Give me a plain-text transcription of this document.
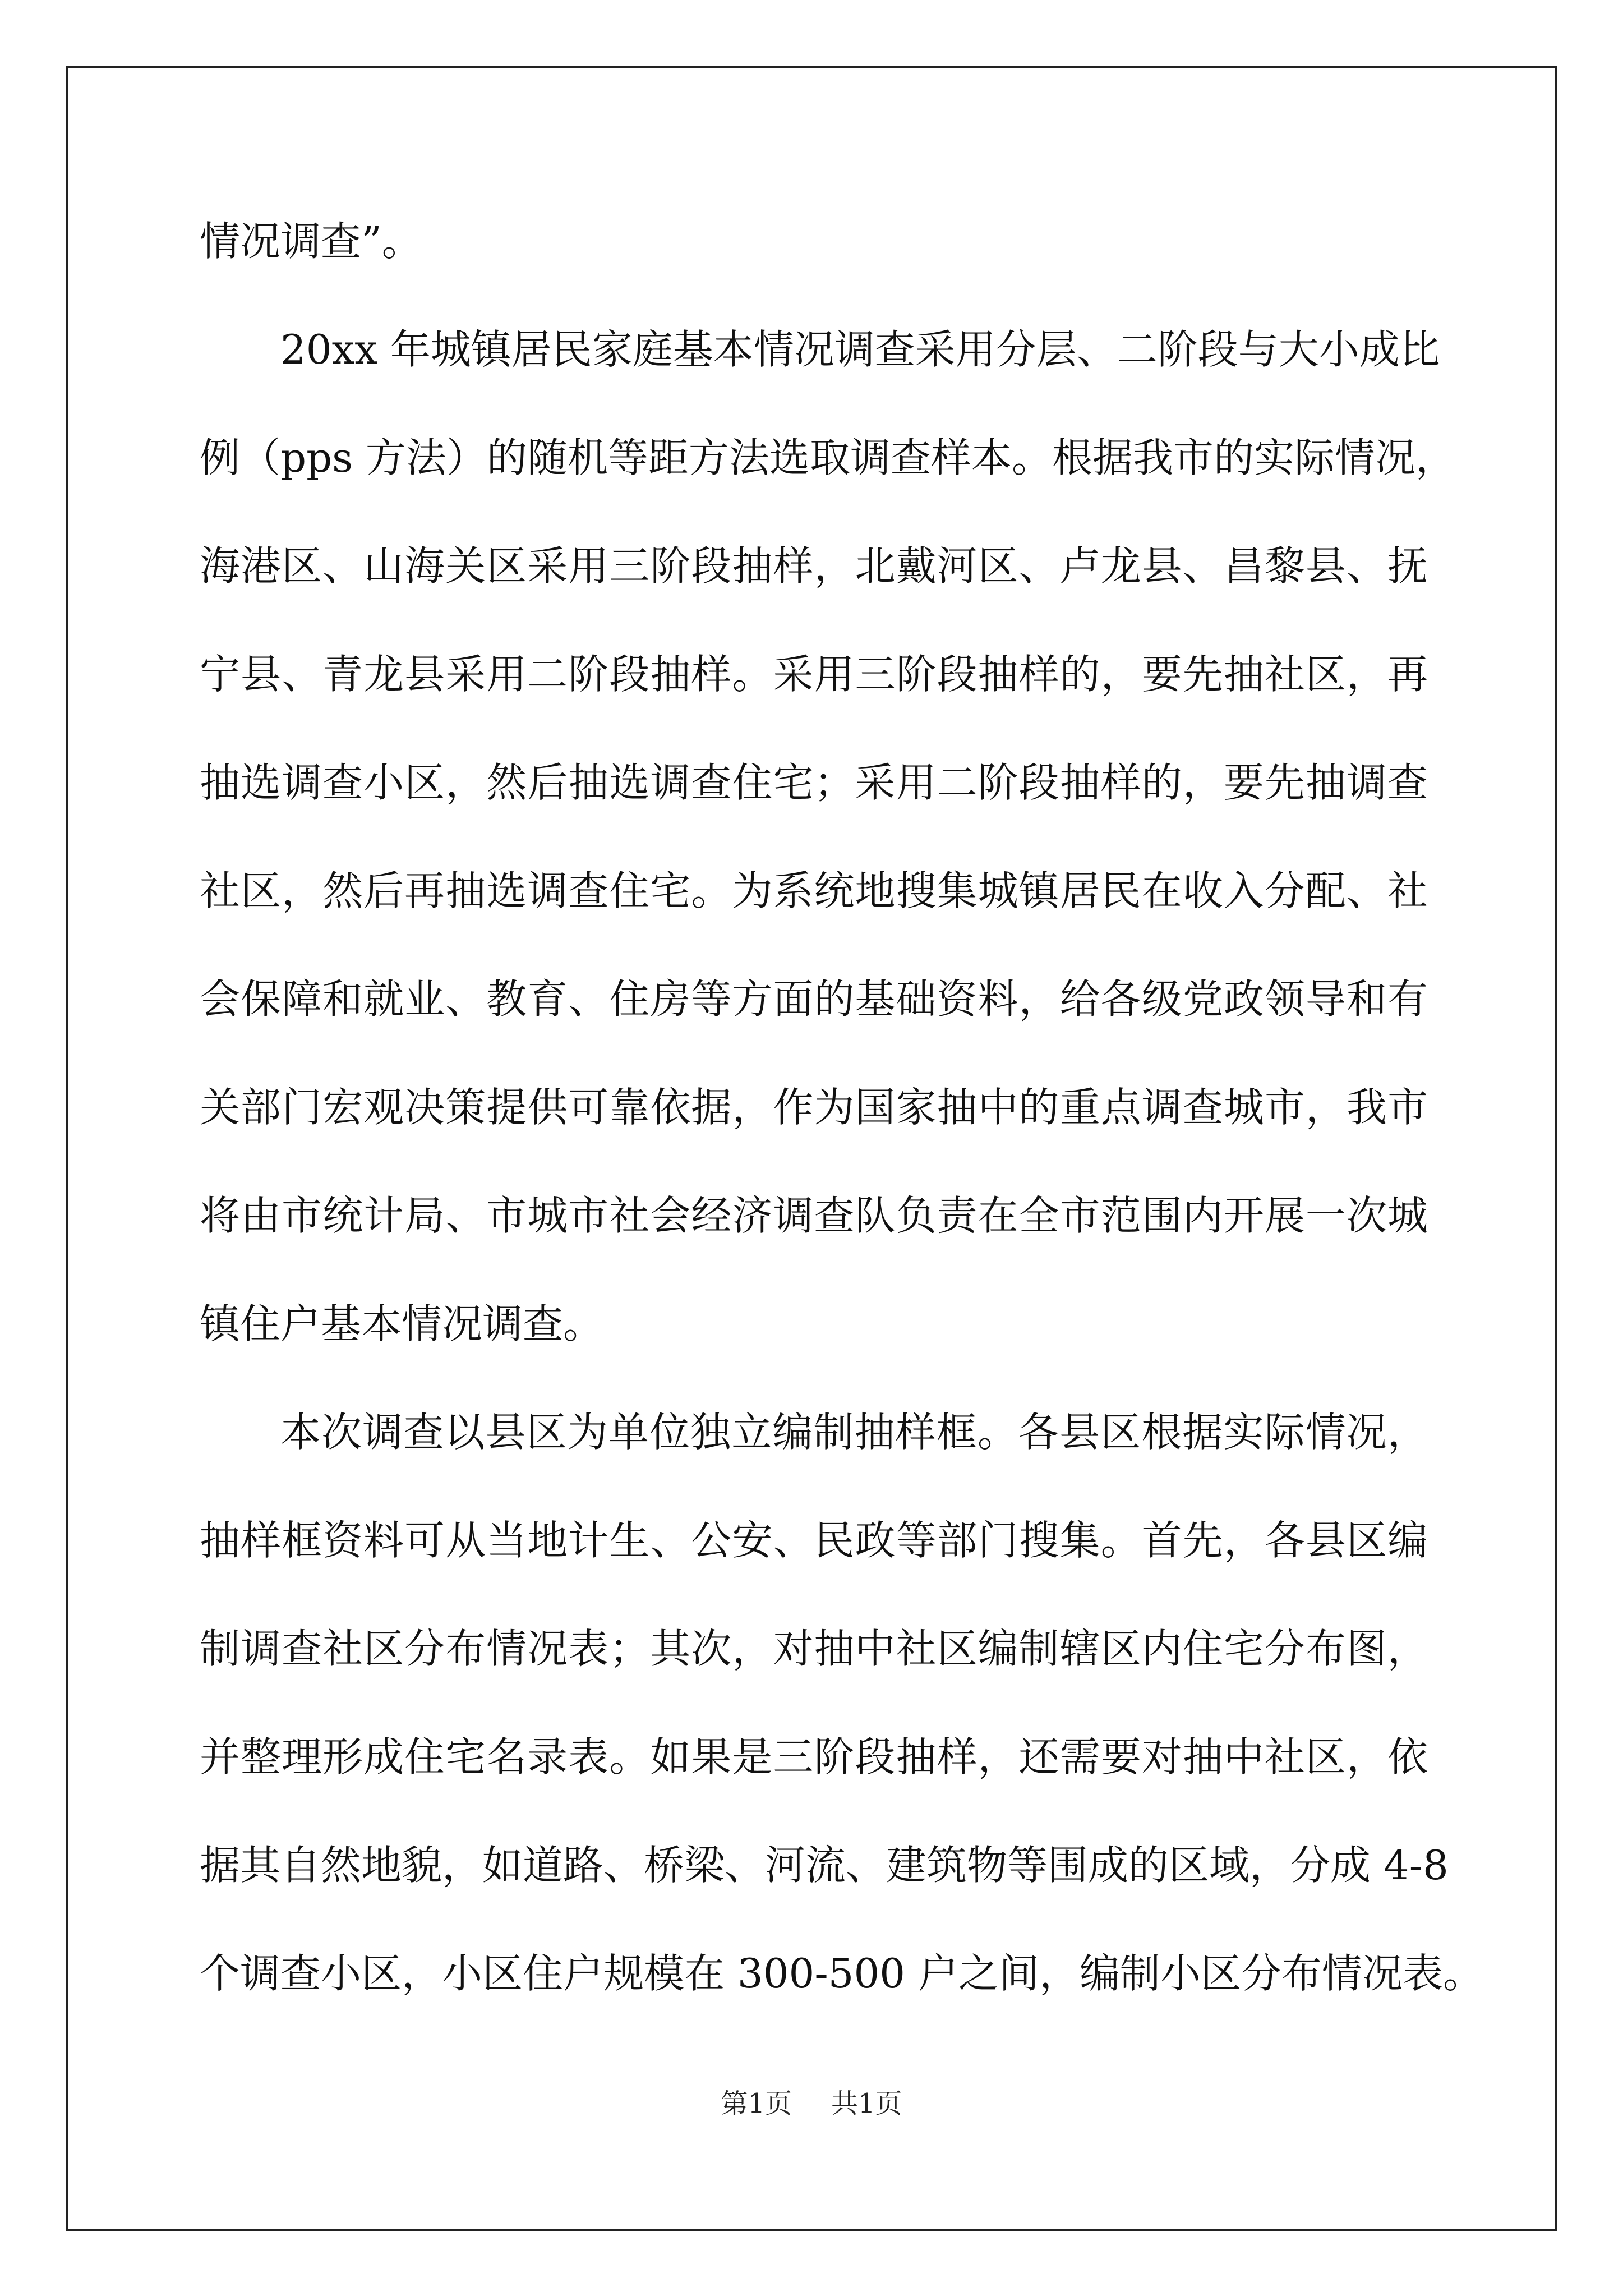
情况调查”。
20xx 年城镇居民家庭基本情况调查采用分层、二阶段与大小成比
例（pps 方法）的随机等距方法选取调查样本。根据我市的实际情况，
海港区、山海关区采用三阶段抽样，北戴河区、卢龙县、昌黎县、抚
宁县、青龙县采用二阶段抽样。采用三阶段抽样的，要先抽社区，再
抽选调查小区，然后抽选调查住宅；采用二阶段抽样的，要先抽调查
社区，然后再抽选调查住宅。为系统地搜集城镇居民在收入分配、社
会保障和就业、教育、住房等方面的基础资料，给各级党政领导和有
关部门宏观决策提供可靠依据，作为国家抽中的重点调查城市，我市
将由市统计局、市城市社会经济调查队负责在全市范围内开展一次城
镇住户基本情况调查。
本次调查以县区为单位独立编制抽样框。各县区根据实际情况，
抽样框资料可从当地计生、公安、民政等部门搜集。首先，各县区编
制调查社区分布情况表；其次，对抽中社区编制辖区内住宅分布图，
并整理形成住宅名录表。如果是三阶段抽样，还需要对抽中社区，依
据其自然地貌，如道路、桥梁、河流、建筑物等围成的区域，分成 4-8
个调查小区，小区住户规模在 300-500 户之间，编制小区分布情况表。
第1页 共1页
